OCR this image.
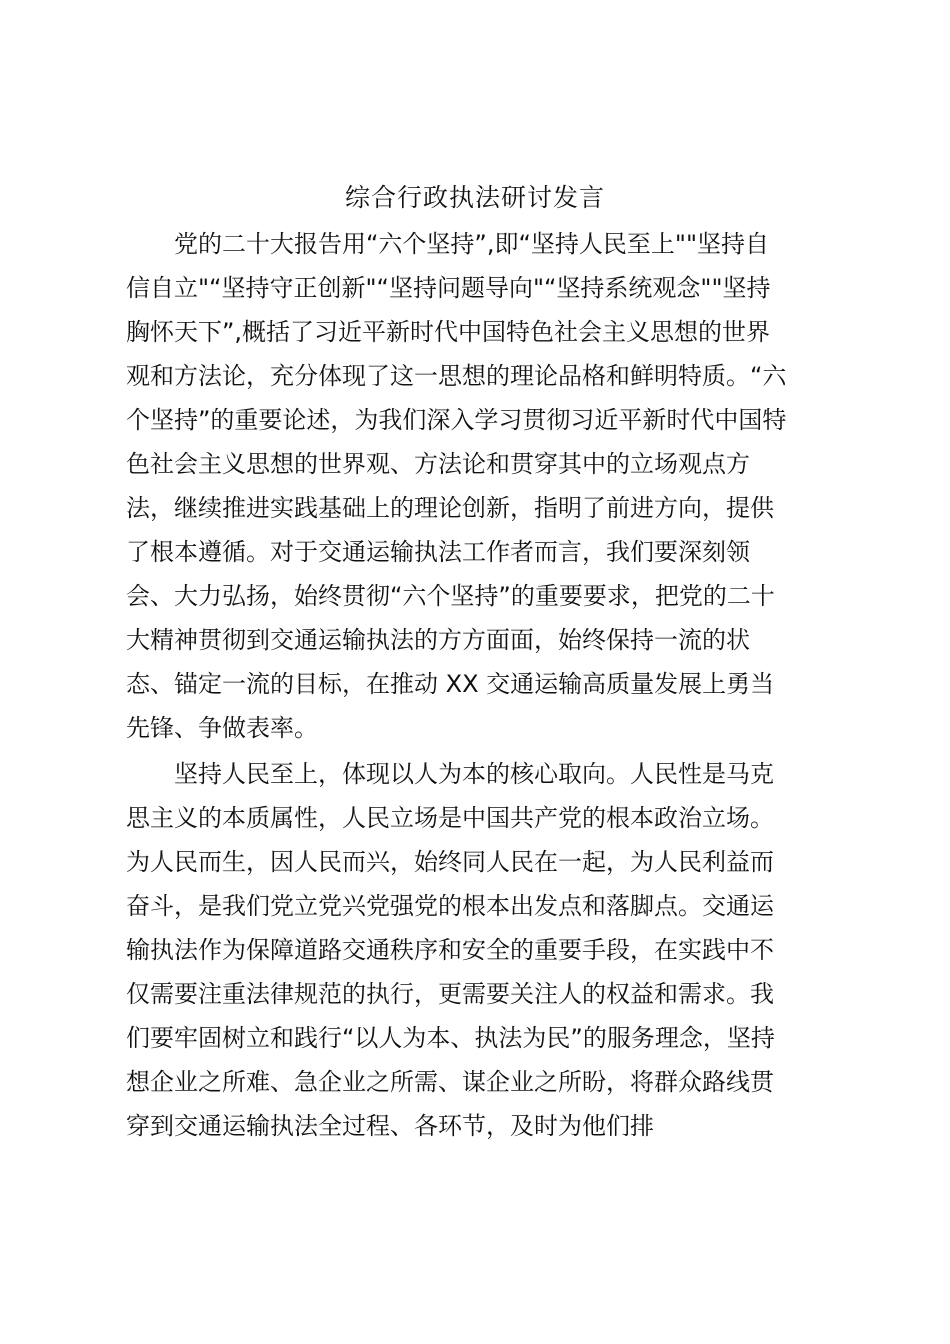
综合行政执法研讨发言

　　党的二十大报告用“六个坚持”,即“坚持人民至上""坚持自
信自立"“坚持守正创新"“坚持问题导向"“坚持系统观念""坚持
胸怀天下”,概括了习近平新时代中国特色社会主义思想的世界
观和方法论，充分体现了这一思想的理论品格和鲜明特质。“六
个坚持”的重要论述，为我们深入学习贯彻习近平新时代中国特
色社会主义思想的世界观、方法论和贯穿其中的立场观点方
法，继续推进实践基础上的理论创新，指明了前进方向，提供
了根本遵循。对于交通运输执法工作者而言，我们要深刻领
会、大力弘扬，始终贯彻“六个坚持”的重要要求，把党的二十
大精神贯彻到交通运输执法的方方面面，始终保持一流的状
态、锚定一流的目标，在推动 XX 交通运输高质量发展上勇当
先锋、争做表率。

　　坚持人民至上，体现以人为本的核心取向。人民性是马克
思主义的本质属性，人民立场是中国共产党的根本政治立场。
为人民而生，因人民而兴，始终同人民在一起，为人民利益而
奋斗，是我们党立党兴党强党的根本出发点和落脚点。交通运
输执法作为保障道路交通秩序和安全的重要手段，在实践中不
仅需要注重法律规范的执行，更需要关注人的权益和需求。我
们要牢固树立和践行“以人为本、执法为民”的服务理念，坚持
想企业之所难、急企业之所需、谋企业之所盼，将群众路线贯
穿到交通运输执法全过程、各环节，及时为他们排
